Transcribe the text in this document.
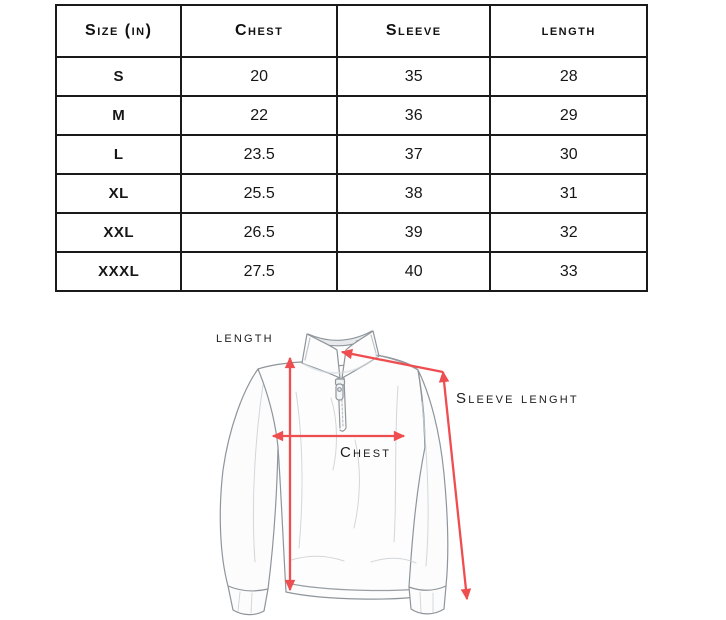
Size (in)	Chest	Sleeve	length
S	20	35	28
M	22	36	29
L	23.5	37	30
XL	25.5	38	31
XXL	26.5	39	32
XXXL	27.5	40	33
length
Chest
Sleeve lenght
